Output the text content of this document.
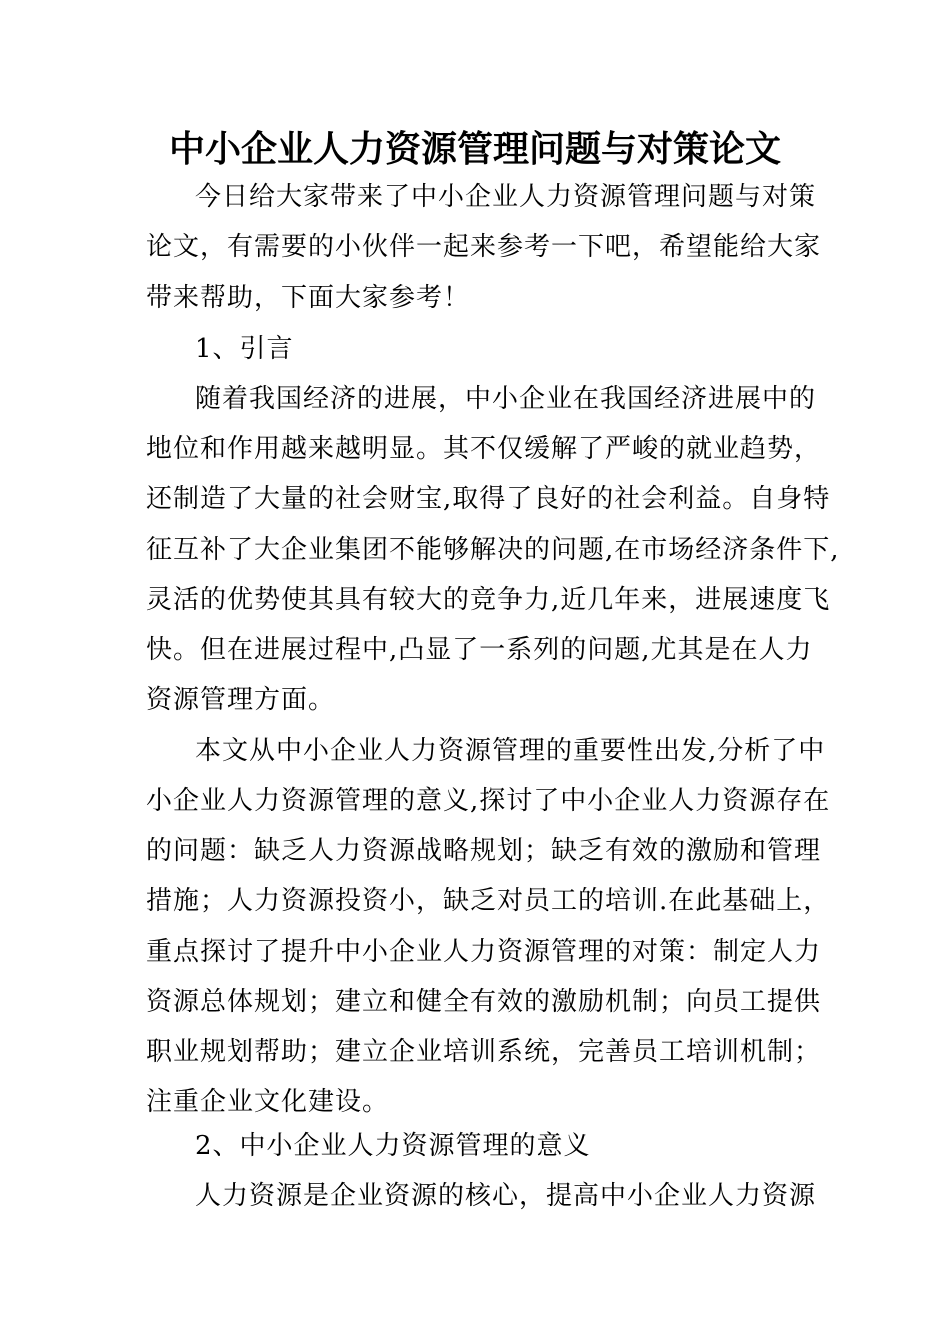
中小企业人力资源管理问题与对策论文
今日给大家带来了中小企业人力资源管理问题与对策
论文，有需要的小伙伴一起来参考一下吧，希望能给大家
带来帮助，下面大家参考！
1、引言
随着我国经济的进展，中小企业在我国经济进展中的
地位和作用越来越明显。其不仅缓解了严峻的就业趋势，
还制造了大量的社会财宝,取得了良好的社会利益。自身特
征互补了大企业集团不能够解决的问题,在市场经济条件下,
灵活的优势使其具有较大的竞争力,近几年来，进展速度飞
快。但在进展过程中,凸显了一系列的问题,尤其是在人力
资源管理方面。
本文从中小企业人力资源管理的重要性出发,分析了中
小企业人力资源管理的意义,探讨了中小企业人力资源存在
的问题：缺乏人力资源战略规划；缺乏有效的激励和管理
措施；人力资源投资小，缺乏对员工的培训.在此基础上，
重点探讨了提升中小企业人力资源管理的对策：制定人力
资源总体规划；建立和健全有效的激励机制；向员工提供
职业规划帮助；建立企业培训系统，完善员工培训机制；
注重企业文化建设。
2、中小企业人力资源管理的意义
人力资源是企业资源的核心，提高中小企业人力资源
